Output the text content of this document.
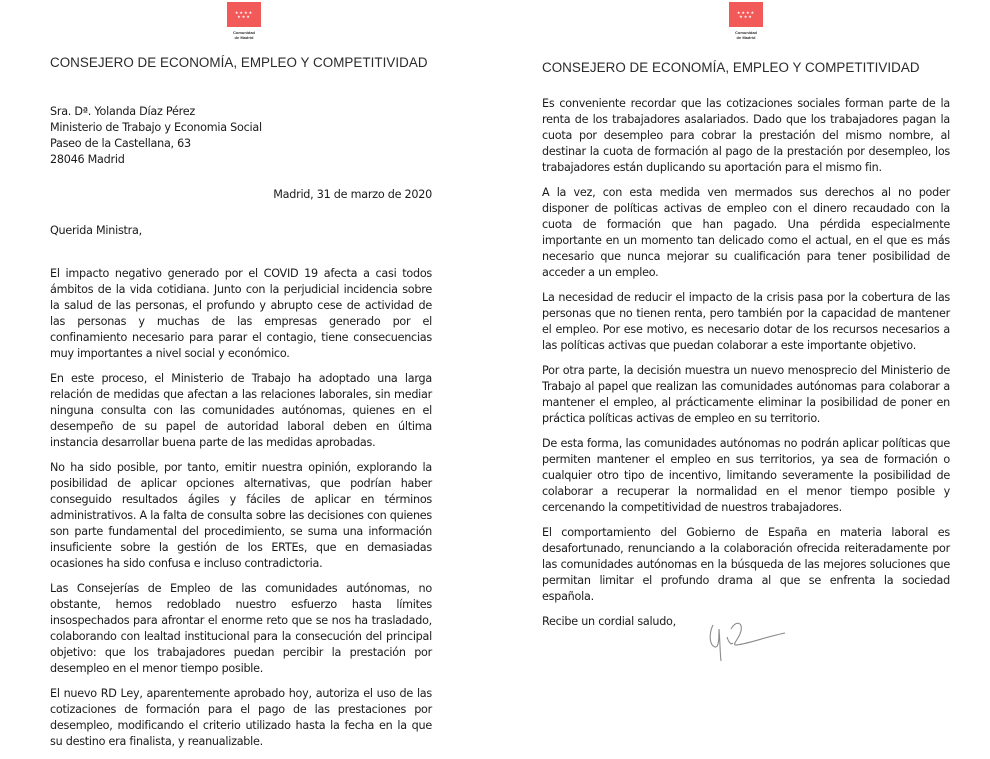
★★★★ ★★★
Comunidad
de Madrid
CONSEJERO DE ECONOMÍA, EMPLEO Y COMPETITIVIDAD
Sra. Dª. Yolanda Díaz Pérez
Ministerio de Trabajo y Economia Social
Paseo de la Castellana, 63
28046 Madrid
Madrid, 31 de marzo de 2020
Querida Ministra,

El impacto negativo generado por el COVID 19 afecta a casi todos ámbitos de la vida cotidiana. Junto con la perjudicial incidencia sobre la salud de las personas, el profundo y abrupto cese de actividad de las personas y muchas de las empresas generado por el confinamiento necesario para parar el contagio, tiene consecuencias muy importantes a nivel social y económico.

En este proceso, el Ministerio de Trabajo ha adoptado una larga relación de medidas que afectan a las relaciones laborales, sin mediar ninguna consulta con las comunidades autónomas, quienes en el desempeño de su papel de autoridad laboral deben en última instancia desarrollar buena parte de las medidas aprobadas.

No ha sido posible, por tanto, emitir nuestra opinión, explorando la posibilidad de aplicar opciones alternativas, que podrían haber conseguido resultados ágiles y fáciles de aplicar en términos administrativos. A la falta de consulta sobre las decisiones con quienes son parte fundamental del procedimiento, se suma una información insuficiente sobre la gestión de los ERTEs, que en demasiadas ocasiones ha sido confusa e incluso contradictoria.

Las Consejerías de Empleo de las comunidades autónomas, no obstante, hemos redoblado nuestro esfuerzo hasta límites insospechados para afrontar el enorme reto que se nos ha trasladado, colaborando con lealtad institucional para la consecución del principal objetivo: que los trabajadores puedan percibir la prestación por desempleo en el menor tiempo posible.

El nuevo RD Ley, aparentemente aprobado hoy, autoriza el uso de las cotizaciones de formación para el pago de las prestaciones por desempleo, modificando el criterio utilizado hasta la fecha en la que su destino era finalista, y reanualizable.

★★★★ ★★★
Comunidad
de Madrid
CONSEJERO DE ECONOMÍA, EMPLEO Y COMPETITIVIDAD

Es conveniente recordar que las cotizaciones sociales forman parte de la renta de los trabajadores asalariados. Dado que los trabajadores pagan la cuota por desempleo para cobrar la prestación del mismo nombre, al destinar la cuota de formación al pago de la prestación por desempleo, los trabajadores están duplicando su aportación para el mismo fin.

A la vez, con esta medida ven mermados sus derechos al no poder disponer de políticas activas de empleo con el dinero recaudado con la cuota de formación que han pagado. Una pérdida especialmente importante en un momento tan delicado como el actual, en el que es más necesario que nunca mejorar su cualificación para tener posibilidad de acceder a un empleo.

La necesidad de reducir el impacto de la crisis pasa por la cobertura de las personas que no tienen renta, pero también por la capacidad de mantener el empleo. Por ese motivo, es necesario dotar de los recursos necesarios a las políticas activas que puedan colaborar a este importante objetivo.

Por otra parte, la decisión muestra un nuevo menosprecio del Ministerio de Trabajo al papel que realizan las comunidades autónomas para colaborar a mantener el empleo, al prácticamente eliminar la posibilidad de poner en práctica políticas activas de empleo en su territorio.

De esta forma, las comunidades autónomas no podrán aplicar políticas que permiten mantener el empleo en sus territorios, ya sea de formación o cualquier otro tipo de incentivo, limitando severamente la posibilidad de colaborar a recuperar la normalidad en el menor tiempo posible y cercenando la competitividad de nuestros trabajadores.

El comportamiento del Gobierno de España en materia laboral es desafortunado, renunciando a la colaboración ofrecida reiteradamente por las comunidades autónomas en la búsqueda de las mejores soluciones que permitan limitar el profundo drama al que se enfrenta la sociedad española.

Recibe un cordial saludo,
